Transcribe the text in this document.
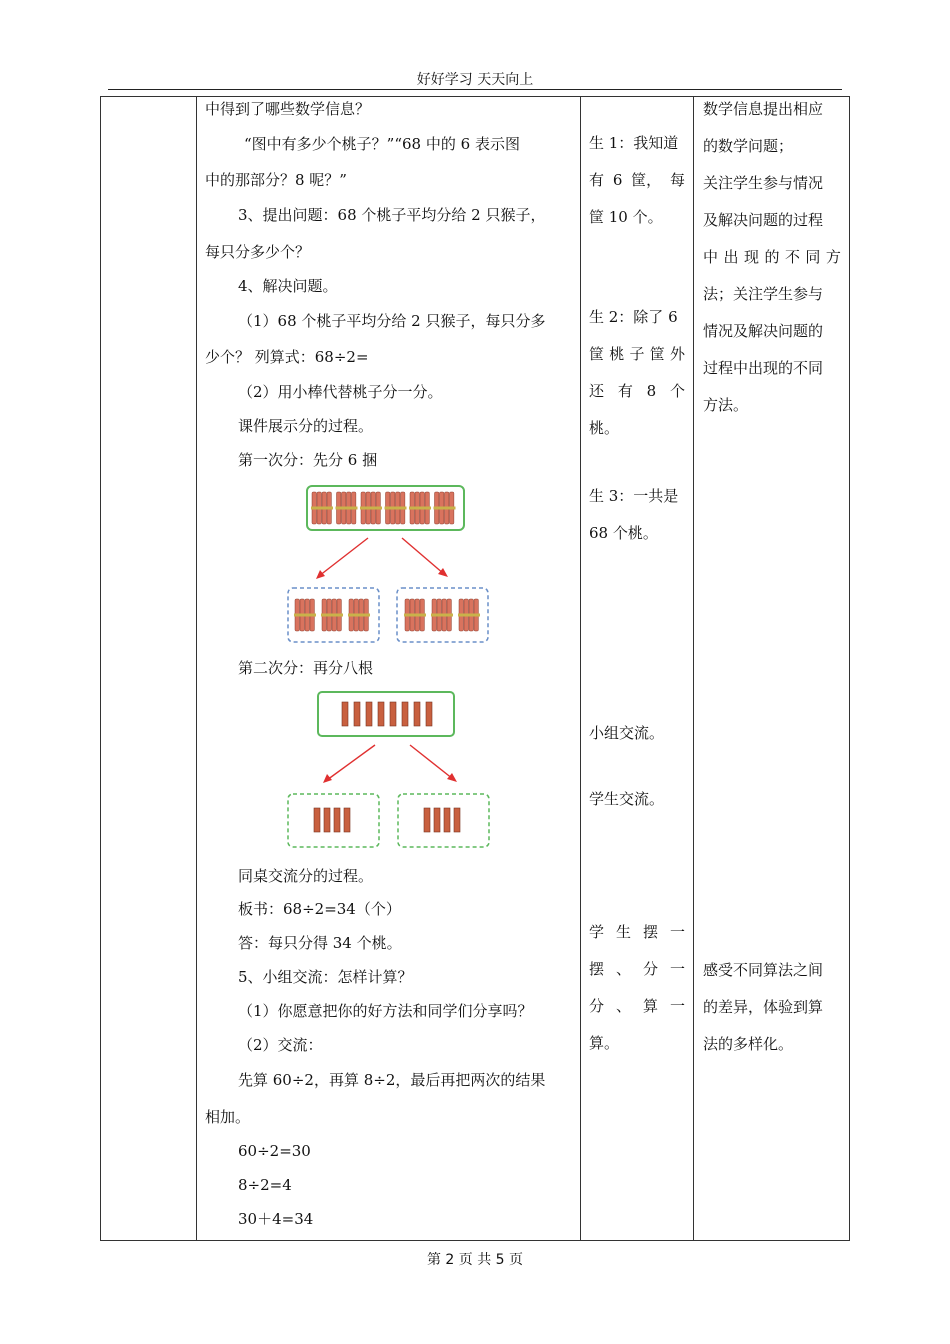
好好学习 天天向上
中得到了哪些数学信息？
“图中有多少个桃子？”“68 中的 6 表示图
中的那部分？8 呢？”
3、提出问题：68 个桃子平均分给 2 只猴子，
每只分多少个？
4、解决问题。
（1）68 个桃子平均分给 2 只猴子，每只分多
少个？ 列算式：68÷2=
（2）用小棒代替桃子分一分。
课件展示分的过程。
第一次分：先分 6 捆
第二次分：再分八根
同桌交流分的过程。
板书：68÷2=34（个）
答：每只分得 34 个桃。
5、小组交流：怎样计算？
（1）你愿意把你的好方法和同学们分享吗？
（2）交流：
先算 60÷2，再算 8÷2，最后再把两次的结果
相加。
60÷2=30
8÷2=4
30＋4=34
生 1：我知道
有 6 筐， 每
筐 10 个。
生 2：除了 6
筐 桃 子 筐 外
还 有 8 个
桃。
生 3：一共是
68 个桃。
小组交流。
学生交流。
学 生 摆 一
摆 、 分 一
分 、 算 一
算。
数学信息提出相应
的数学问题；
关注学生参与情况
及解决问题的过程
中 出 现 的 不 同 方
法；关注学生参与
情况及解决问题的
过程中出现的不同
方法。
感受不同算法之间
的差异，体验到算
法的多样化。
第 2 页 共 5 页
